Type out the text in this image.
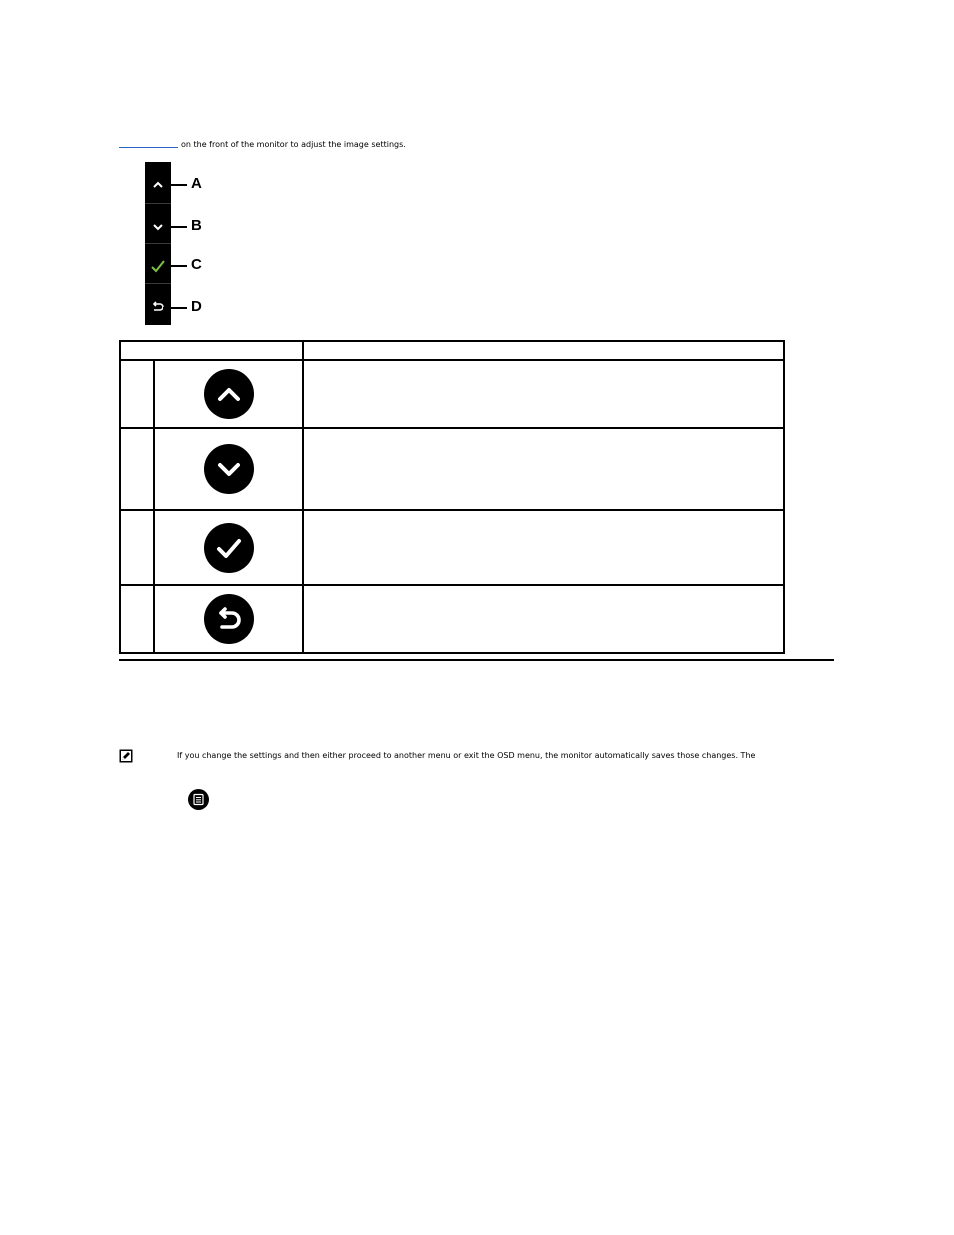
on the front of the monitor to adjust the image settings.
A
B
C
D

If you change the settings and then either proceed to another menu or exit the OSD menu, the monitor automatically saves those changes. The
